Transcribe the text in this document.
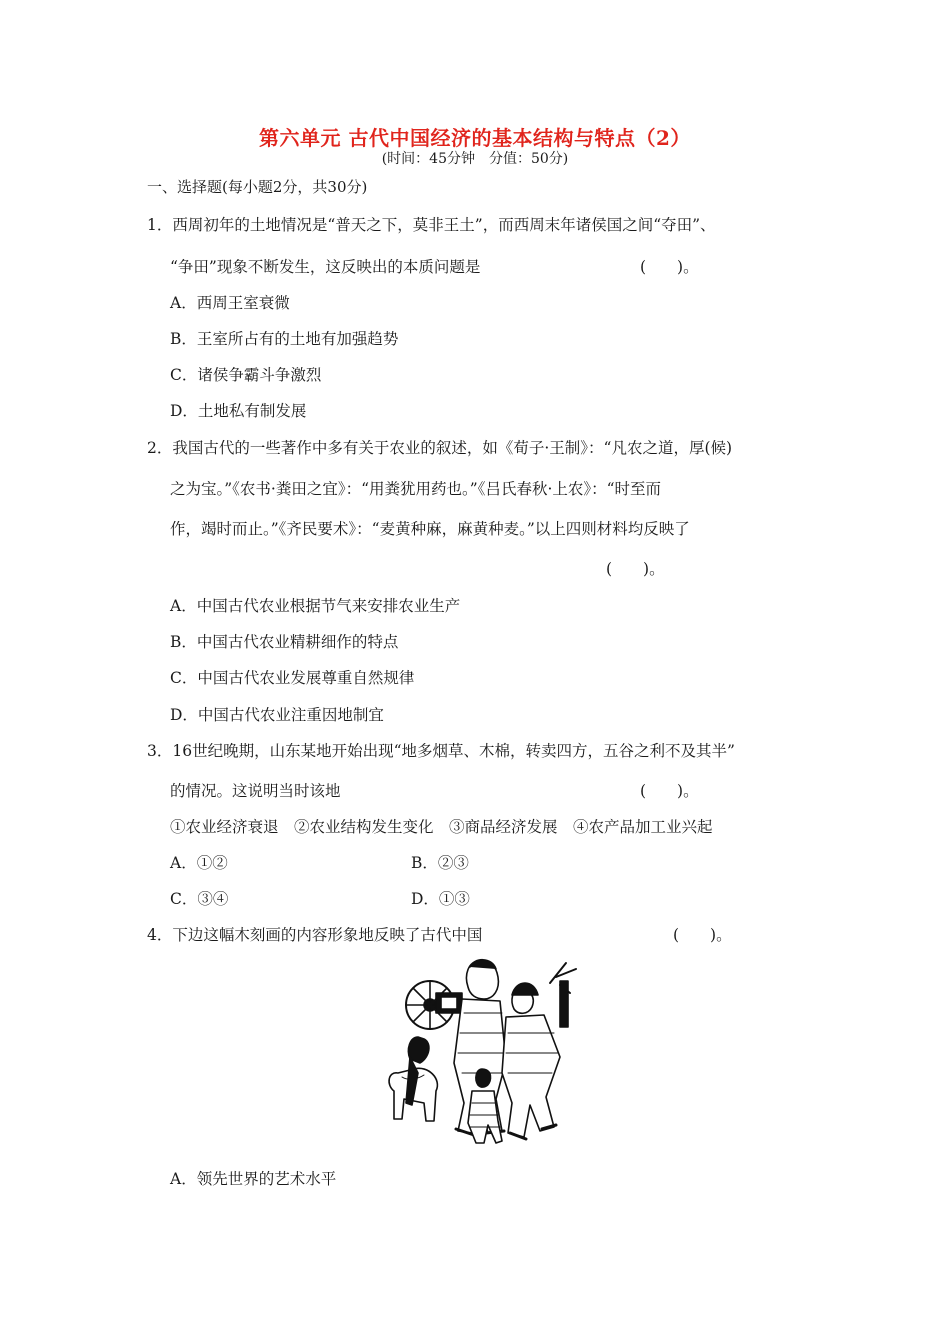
第六单元 古代中国经济的基本结构与特点（2）
(时间：45分钟　分值：50分)
一、选择题(每小题2分，共30分)
1．西周初年的土地情况是“普天之下，莫非王土”，而西周末年诸侯国之间“夺田”、
“争田”现象不断发生，这反映出的本质问题是	(　　)。
A．西周王室衰微
B．王室所占有的土地有加强趋势
C．诸侯争霸斗争激烈
D．土地私有制发展
2．我国古代的一些著作中多有关于农业的叙述，如《荀子·王制》：“凡农之道，厚(候)
之为宝。”《农书·粪田之宜》：“用粪犹用药也。”《吕氏春秋·上农》：“时至而
作，竭时而止。”《齐民要术》：“麦黄种麻，麻黄种麦。”以上四则材料均反映了
(　　)。
A．中国古代农业根据节气来安排农业生产
B．中国古代农业精耕细作的特点
C．中国古代农业发展尊重自然规律
D．中国古代农业注重因地制宜
3．16世纪晚期，山东某地开始出现“地多烟草、木棉，转卖四方，五谷之利不及其半”
的情况。这说明当时该地	(　　)。
①农业经济衰退　②农业结构发生变化　③商品经济发展　④农产品加工业兴起
A．①②	B．②③
C．③④	D．①③
4．下边这幅木刻画的内容形象地反映了古代中国	(　　)。
A．领先世界的艺术水平
